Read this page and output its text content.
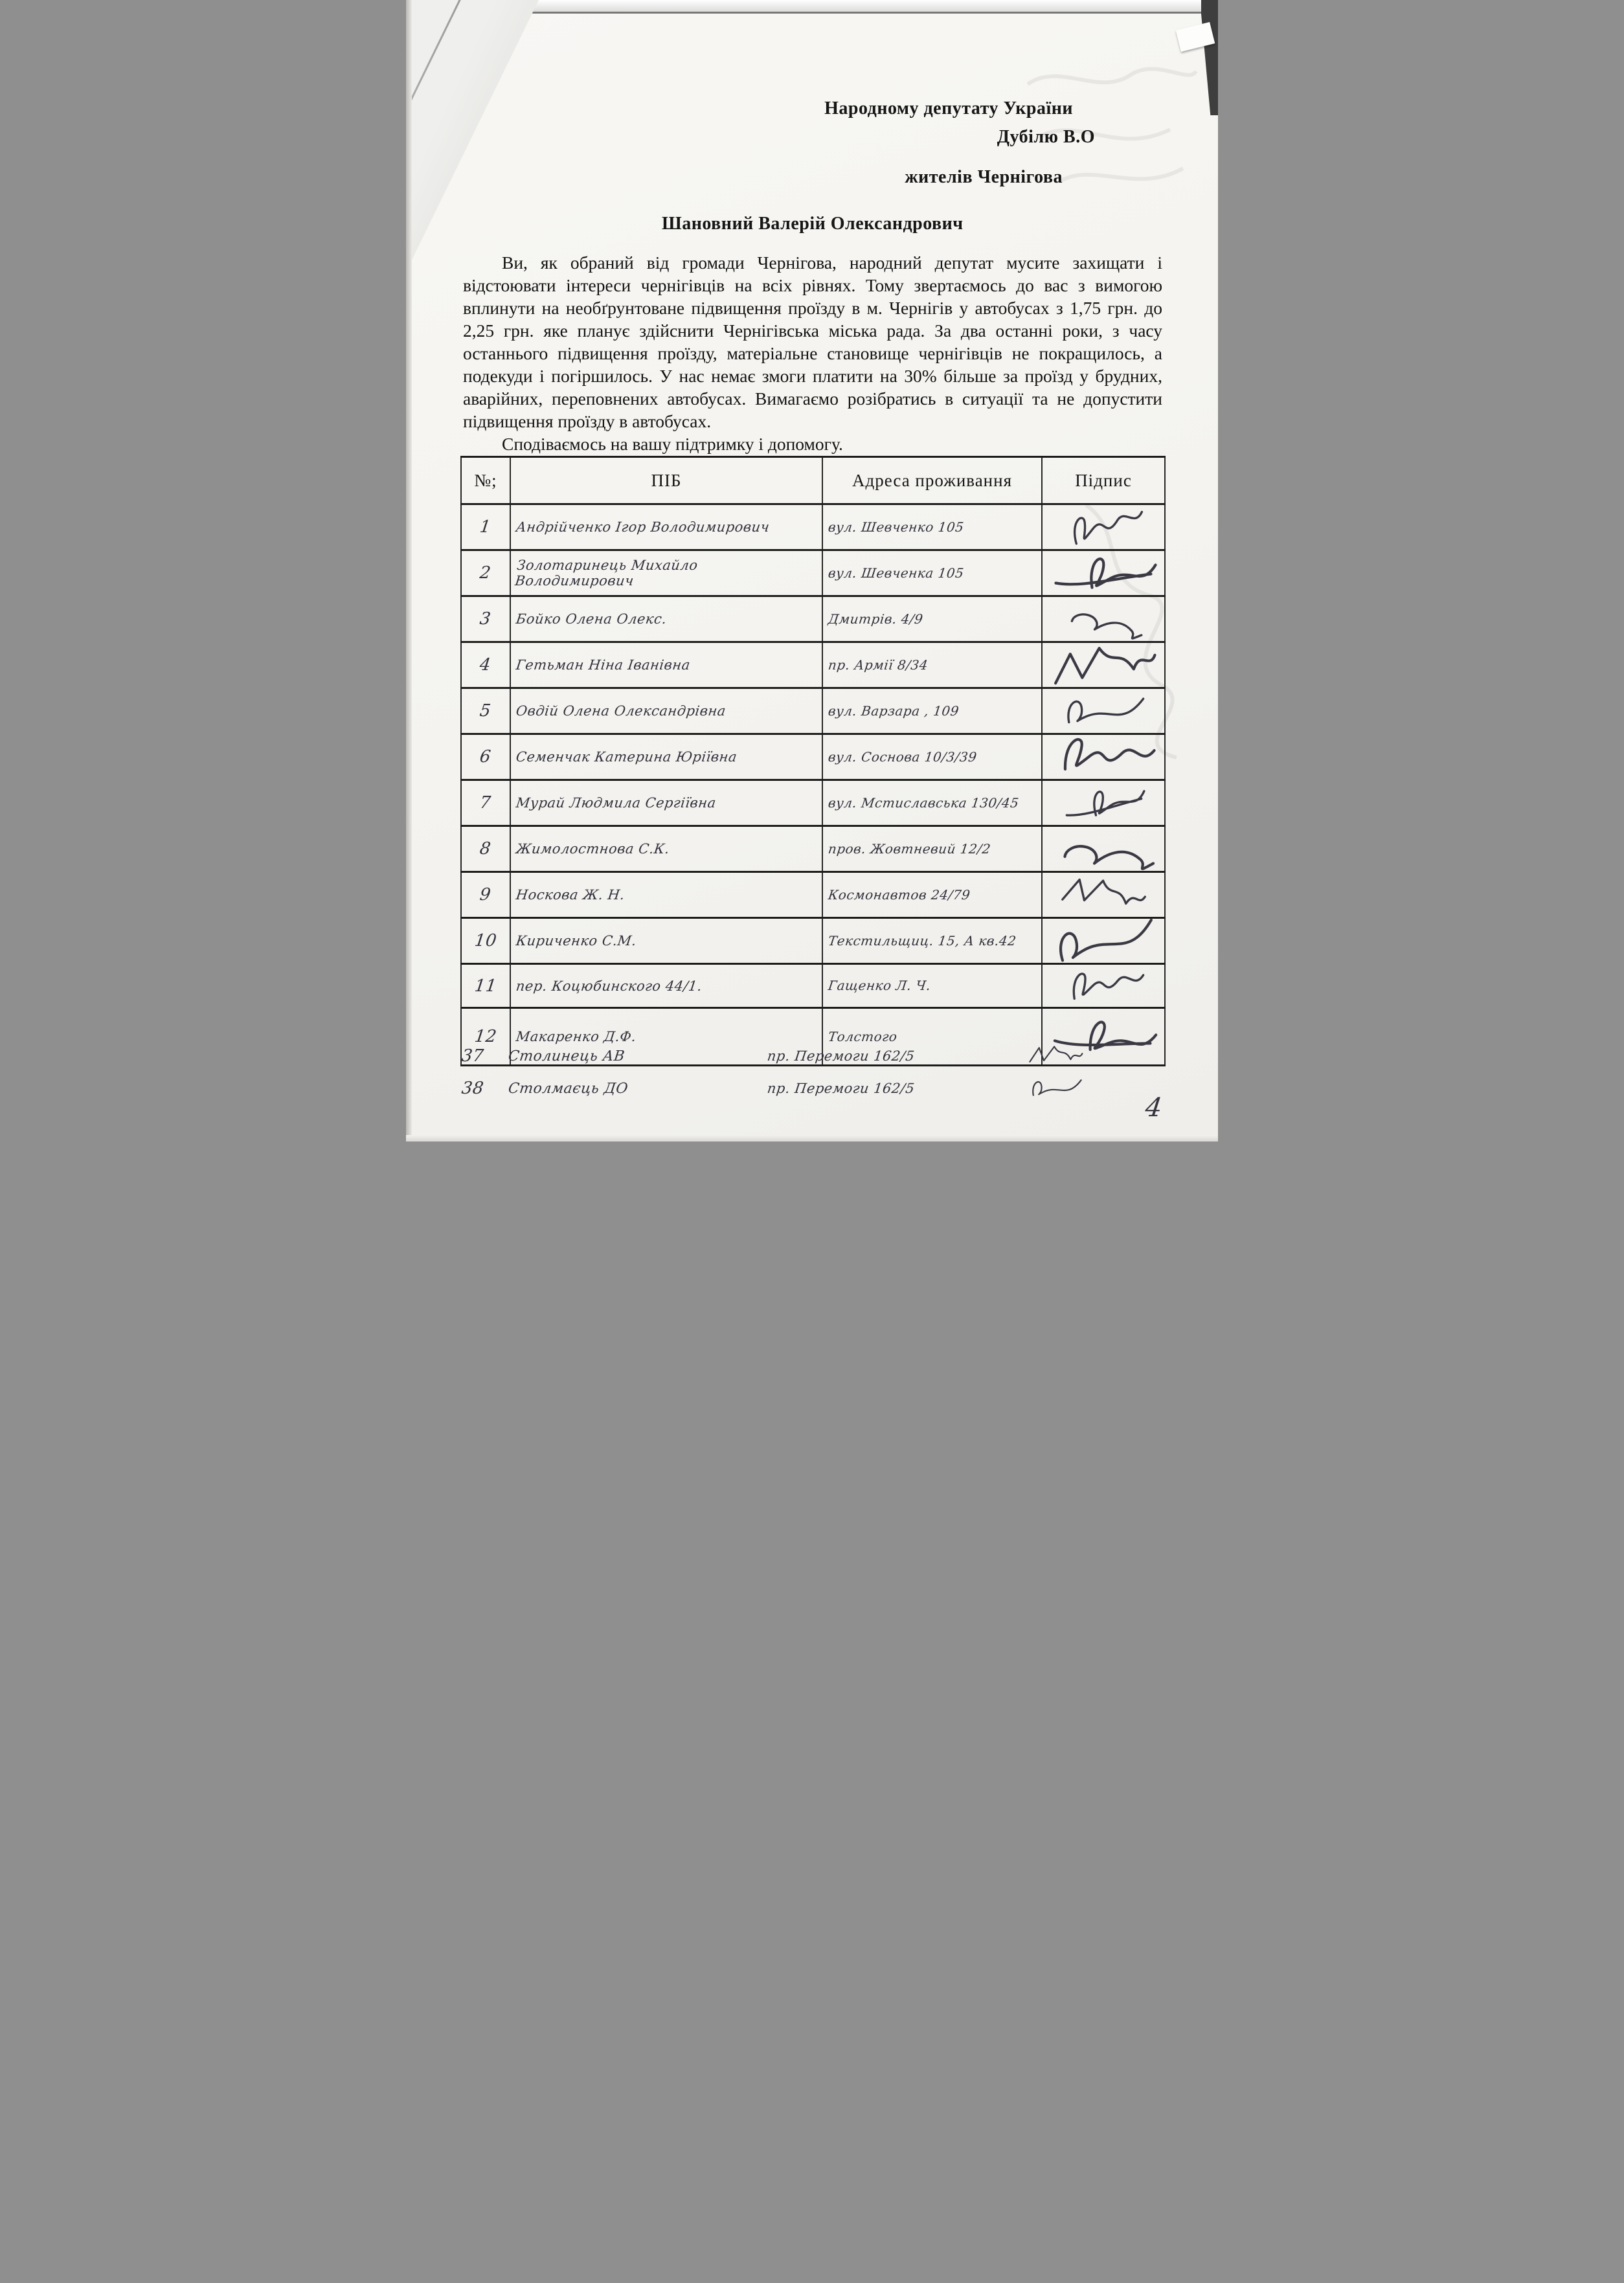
Народному депутату України
Дубілю В.О
жителів Чернігова
Шановний Валерій Олександрович

Ви, як обраний від громади Чернігова, народний депутат мусите захищати і відстоювати інтереси чернігівців на всіх рівнях. Тому звертаємось до вас з вимогою вплинути на необґрунтоване підвищення проїзду в м. Чернігів у автобусах з 1,75 грн. до 2,25 грн. яке планує здійснити Чернігівська міська рада. За два останні роки, з часу останнього підвищення проїзду, матеріальне становище чернігівців не покращилось, а подекуди і погіршилось. У нас немає змоги платити на 30% більше за проїзд у брудних, аварійних, переповнених автобусах. Вимагаємо розібратись в ситуації та не допустити підвищення проїзду в автобусах.

Сподіваємось на вашу підтримку і допомогу.

№;	ПІБ	Адреса проживання	Підпис
1	Андрійченко Ігор Володимирович	вул. Шевченко 105	
2	Золотаринець Михайло Володимирович	вул. Шевченка 105	
3	Бойко Олена Олекс.	Дмитрів. 4/9	
4	Гетьман Ніна Іванівна	пр. Армії 8/34	
5	Овдій Олена Олександрівна	вул. Варзара , 109	
6	Семенчак Катерина Юріївна	вул. Соснова 10/3/39	
7	Мурай Людмила Сергіївна	вул. Мстиславська 130/45	
8	Жимолостнова С.К.	пров. Жовтневий 12/2	
9	Носкова Ж. Н.	Космонавтов 24/79	
10	Кириченко С.М.	Текстильщиц. 15, А кв.42	
11	пер. Коцюбинского 44/1.	Гащенко Л. Ч.	
12	Макаренко Д.Ф.	Толстого	
37	Столинець АВ	пр. Перемоги 162/5
38	Столмаєць ДО	пр. Перемоги 162/5
4
